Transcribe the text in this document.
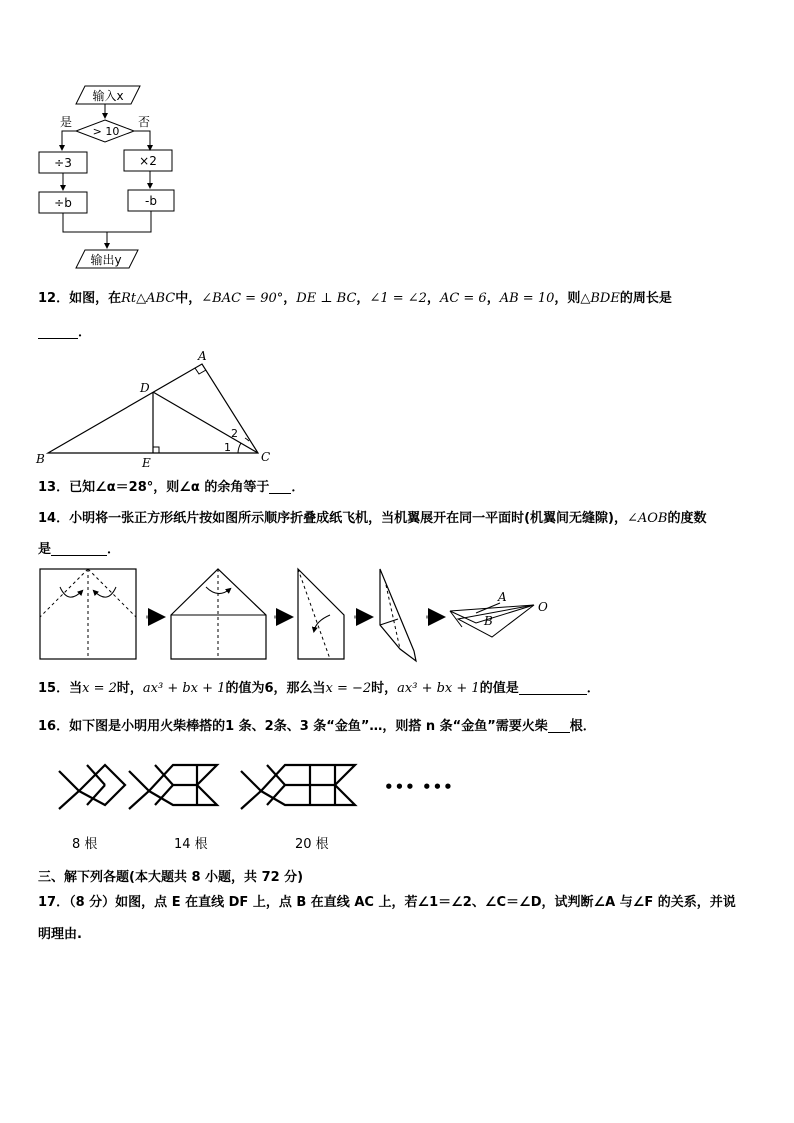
输入x
> 10
是	否
÷3
÷b
×2
-b
输出y
12．如图，在Rt△ABC中，∠BAC = 90°，DE ⊥ BC，∠1 = ∠2，AC = 6，AB = 10，则△BDE的周长是
．
A
D
B	E	C
1
2
13．已知∠α＝28°，则∠α 的余角等于 ．
14．小明将一张正方形纸片按如图所示顺序折叠成纸飞机，当机翼展开在同一平面时(机翼间无缝隙)，∠AOB的度数
是	．
A
B
O
15．当x = 2时，ax³ + bx + 1的值为6，那么当x = −2时，ax³ + bx + 1的值是	．
16．如下图是小明用火柴棒搭的1 条、2条、3 条“金鱼”…，则搭 n 条“金鱼”需要火柴 根．
••• •••
8 根	14 根	20 根
三、解下列各题(本大题共 8 小题，共 72 分)
17．（8 分）如图，点 E 在直线 DF 上，点 B 在直线 AC 上，若∠1＝∠2、∠C＝∠D，试判断∠A 与∠F 的关系，并说
明理由.
